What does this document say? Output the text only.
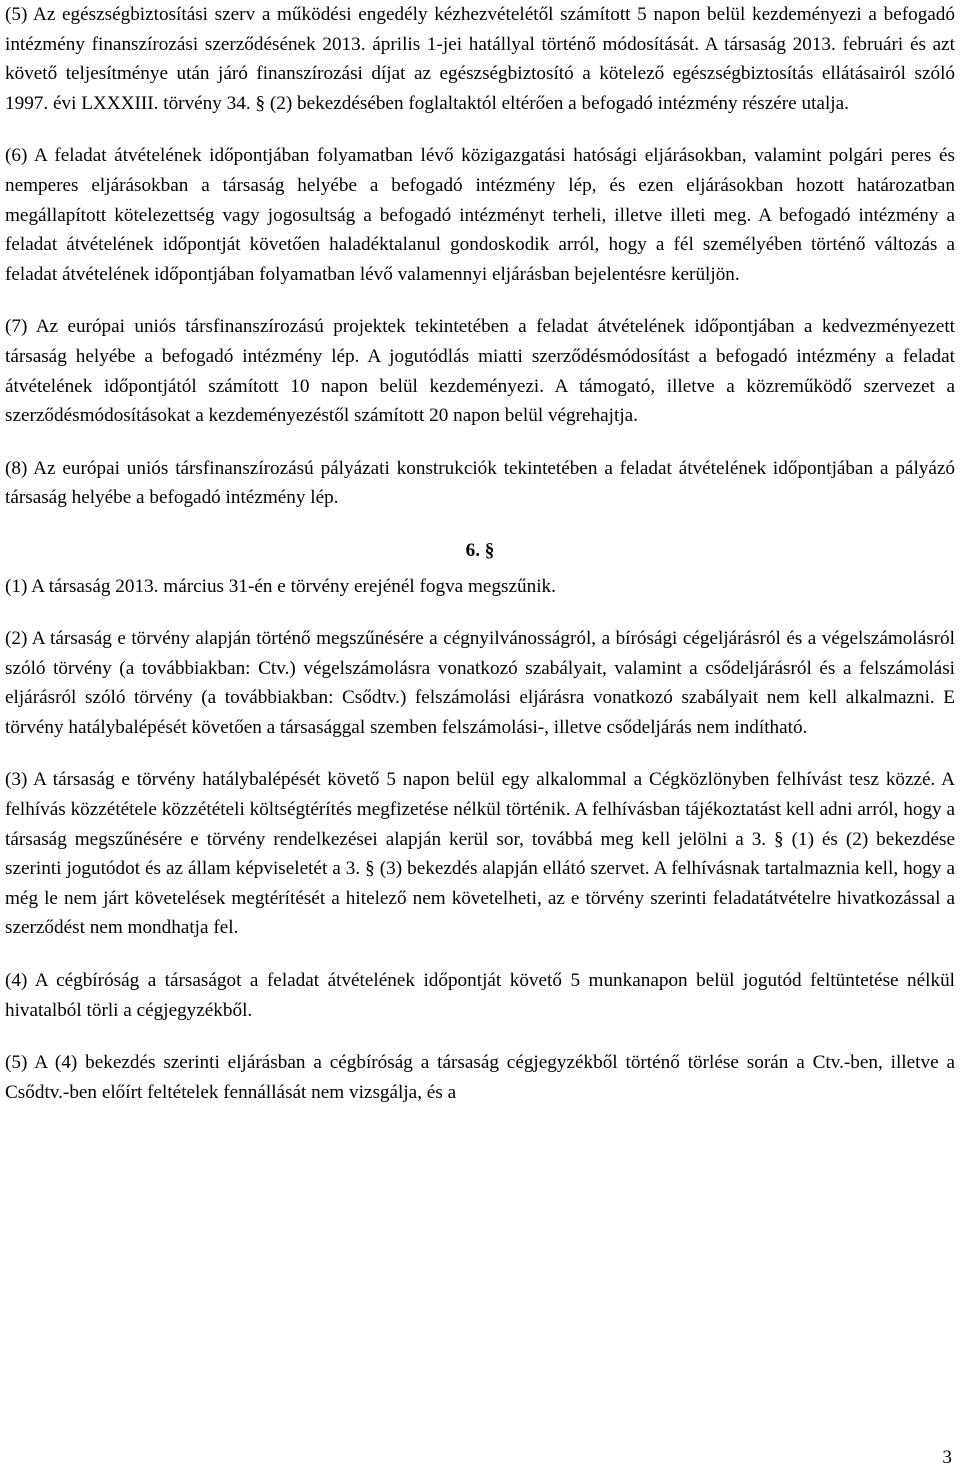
(5) Az egészségbiztosítási szerv a működési engedély kézhezvételétől számított 5 napon belül kezdeményezi a befogadó intézmény finanszírozási szerződésének 2013. április 1-jei hatállyal történő módosítását. A társaság 2013. februári és azt követő teljesítménye után járó finanszírozási díjat az egészségbiztosító a kötelező egészségbiztosítás ellátásairól szóló 1997. évi LXXXIII. törvény 34. § (2) bekezdésében foglaltaktól eltérően a befogadó intézmény részére utalja.

(6) A feladat átvételének időpontjában folyamatban lévő közigazgatási hatósági eljárásokban, valamint polgári peres és nemperes eljárásokban a társaság helyébe a befogadó intézmény lép, és ezen eljárásokban hozott határozatban megállapított kötelezettség vagy jogosultság a befogadó intézményt terheli, illetve illeti meg. A befogadó intézmény a feladat átvételének időpontját követően haladéktalanul gondoskodik arról, hogy a fél személyében történő változás a feladat átvételének időpontjában folyamatban lévő valamennyi eljárásban bejelentésre kerüljön.

(7) Az európai uniós társfinanszírozású projektek tekintetében a feladat átvételének időpontjában a kedvezményezett társaság helyébe a befogadó intézmény lép. A jogutódlás miatti szerződésmódosítást a befogadó intézmény a feladat átvételének időpontjától számított 10 napon belül kezdeményezi. A támogató, illetve a közreműködő szervezet a szerződésmódosításokat a kezdeményezéstől számított 20 napon belül végrehajtja.

(8) Az európai uniós társfinanszírozású pályázati konstrukciók tekintetében a feladat átvételének időpontjában a pályázó társaság helyébe a befogadó intézmény lép.

6. §

(1) A társaság 2013. március 31-én e törvény erejénél fogva megszűnik.

(2) A társaság e törvény alapján történő megszűnésére a cégnyilvánosságról, a bírósági cégeljárásról és a végelszámolásról szóló törvény (a továbbiakban: Ctv.) végelszámolásra vonatkozó szabályait, valamint a csődeljárásról és a felszámolási eljárásról szóló törvény (a továbbiakban: Csődtv.) felszámolási eljárásra vonatkozó szabályait nem kell alkalmazni. E törvény hatálybalépését követően a társasággal szemben felszámolási-, illetve csődeljárás nem indítható.

(3) A társaság e törvény hatálybalépését követő 5 napon belül egy alkalommal a Cégközlönyben felhívást tesz közzé. A felhívás közzététele közzétételi költségtérítés megfizetése nélkül történik. A felhívásban tájékoztatást kell adni arról, hogy a társaság megszűnésére e törvény rendelkezései alapján kerül sor, továbbá meg kell jelölni a 3. § (1) és (2) bekezdése szerinti jogutódot és az állam képviseletét a 3. § (3) bekezdés alapján ellátó szervet. A felhívásnak tartalmaznia kell, hogy a még le nem járt követelések megtérítését a hitelező nem követelheti, az e törvény szerinti feladatátvételre hivatkozással a szerződést nem mondhatja fel.

(4) A cégbíróság a társaságot a feladat átvételének időpontját követő 5 munkanapon belül jogutód feltüntetése nélkül hivatalból törli a cégjegyzékből.

(5) A (4) bekezdés szerinti eljárásban a cégbíróság a társaság cégjegyzékből történő törlése során a Ctv.-ben, illetve a Csődtv.-ben előírt feltételek fennállását nem vizsgálja, és a

3
